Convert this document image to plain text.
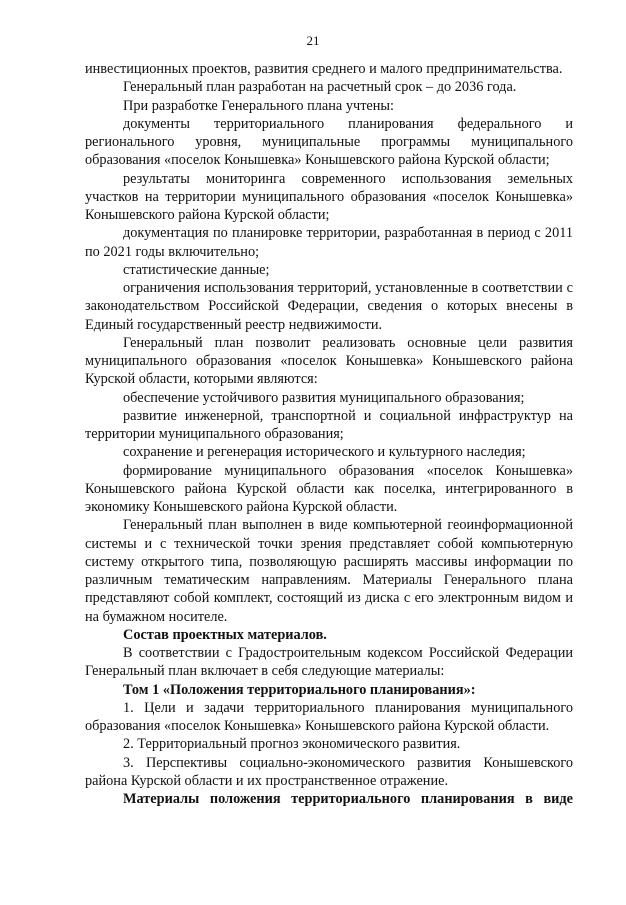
21

инвестиционных проектов, развития среднего и малого предпринимательства.

Генеральный план разработан на расчетный срок – до 2036 года.

При разработке Генерального плана учтены:

документы территориального планирования федерального и регионального уровня, муниципальные программы муниципального образования «поселок Конышевка» Конышевского района Курской области;

результаты мониторинга современного использования земельных участков на территории муниципального образования «поселок Конышевка» Конышевского района Курской области;

документация по планировке территории, разработанная в период с 2011 по 2021 годы включительно;

статистические данные;

ограничения использования территорий, установленные в соответствии с законодательством Российской Федерации, сведения о которых внесены в Единый государственный реестр недвижимости.

Генеральный план позволит реализовать основные цели развития муниципального образования «поселок Конышевка» Конышевского района Курской области, которыми являются:

обеспечение устойчивого развития муниципального образования;

развитие инженерной, транспортной и социальной инфраструктур на территории муниципального образования;

сохранение и регенерация исторического и культурного наследия;

формирование муниципального образования «поселок Конышевка» Конышевского района Курской области как поселка, интегрированного в экономику Конышевского района Курской области.

Генеральный план выполнен в виде компьютерной геоинформационной системы и с технической точки зрения представляет собой компьютерную систему открытого типа, позволяющую расширять массивы информации по различным тематическим направлениям. Материалы Генерального плана представляют собой комплект, состоящий из диска с его электронным видом и на бумажном носителе.

Состав проектных материалов.

В соответствии с Градостроительным кодексом Российской Федерации Генеральный план включает в себя следующие материалы:

Том 1 «Положения территориального планирования»:

1. Цели и задачи территориального планирования муниципального образования «поселок Конышевка» Конышевского района Курской области.

2. Территориальный прогноз экономического развития.

3. Перспективы социально-экономического развития Конышевского района Курской области и их пространственное отражение.

Материалы положения территориального планирования в виде
